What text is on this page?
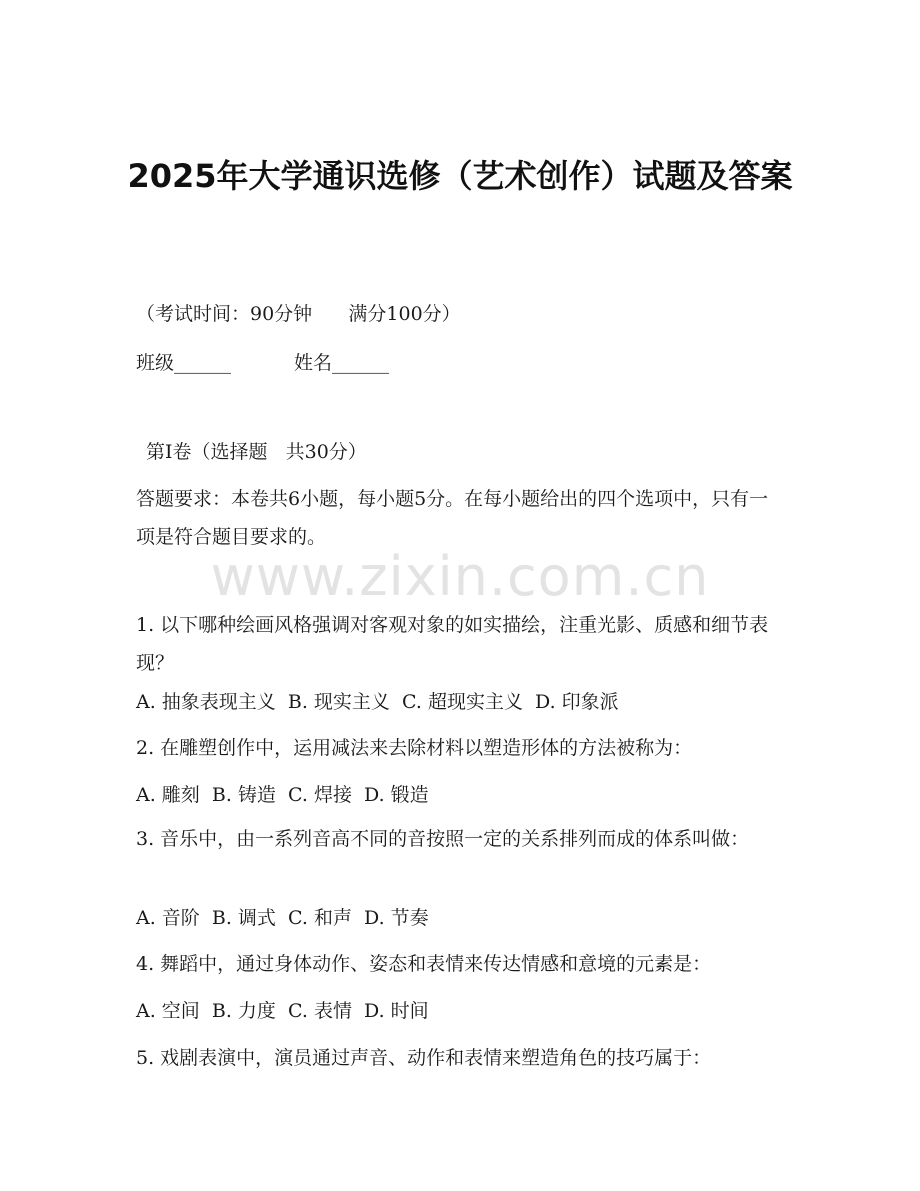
2025年大学通识选修（艺术创作）试题及答案
（考试时间：90分钟      满分100分）
班级______	姓名______
第I卷（选择题   共30分）
答题要求：本卷共6小题，每小题5分。在每小题给出的四个选项中，只有一项是符合题目要求的。
www.zixin.com.cn
1. 以下哪种绘画风格强调对客观对象的如实描绘，注重光影、质感和细节表现？
A. 抽象表现主义  B. 现实主义  C. 超现实主义  D. 印象派
2. 在雕塑创作中，运用减法来去除材料以塑造形体的方法被称为：
A. 雕刻  B. 铸造  C. 焊接  D. 锻造
3. 音乐中，由一系列音高不同的音按照一定的关系排列而成的体系叫做：
A. 音阶  B. 调式  C. 和声  D. 节奏
4. 舞蹈中，通过身体动作、姿态和表情来传达情感和意境的元素是：
A. 空间  B. 力度  C. 表情  D. 时间
5. 戏剧表演中，演员通过声音、动作和表情来塑造角色的技巧属于：
